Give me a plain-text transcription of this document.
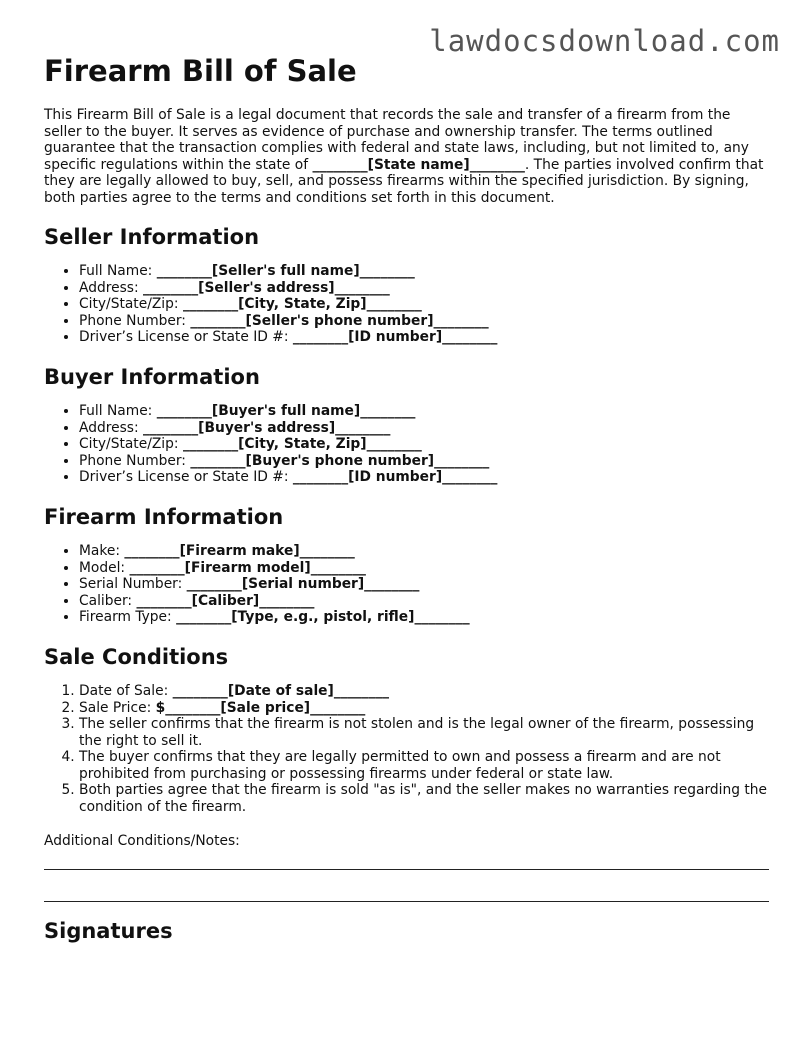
lawdocsdownload.com
Firearm Bill of Sale

This Firearm Bill of Sale is a legal document that records the sale and transfer of a firearm from the seller to the buyer. It serves as evidence of purchase and ownership transfer. The terms outlined guarantee that the transaction complies with federal and state laws, including, but not limited to, any specific regulations within the state of ________[State name]________. The parties involved confirm that they are legally allowed to buy, sell, and possess firearms within the specified jurisdiction. By signing, both parties agree to the terms and conditions set forth in this document.

Seller Information
• Full Name: ________[Seller's full name]________
• Address: ________[Seller's address]________
• City/State/Zip: ________[City, State, Zip]________
• Phone Number: ________[Seller's phone number]________
• Driver’s License or State ID #: ________[ID number]________
Buyer Information
• Full Name: ________[Buyer's full name]________
• Address: ________[Buyer's address]________
• City/State/Zip: ________[City, State, Zip]________
• Phone Number: ________[Buyer's phone number]________
• Driver’s License or State ID #: ________[ID number]________
Firearm Information
• Make: ________[Firearm make]________
• Model: ________[Firearm model]________
• Serial Number: ________[Serial number]________
• Caliber: ________[Caliber]________
• Firearm Type: ________[Type, e.g., pistol, rifle]________
Sale Conditions
1. Date of Sale: ________[Date of sale]________
2. Sale Price: $________[Sale price]________
3. The seller confirms that the firearm is not stolen and is the legal owner of the firearm, possessing the right to sell it.
4. The buyer confirms that they are legally permitted to own and possess a firearm and are not prohibited from purchasing or possessing firearms under federal or state law.
5. Both parties agree that the firearm is sold "as is", and the seller makes no warranties regarding the condition of the firearm.

Additional Conditions/Notes:

Signatures
